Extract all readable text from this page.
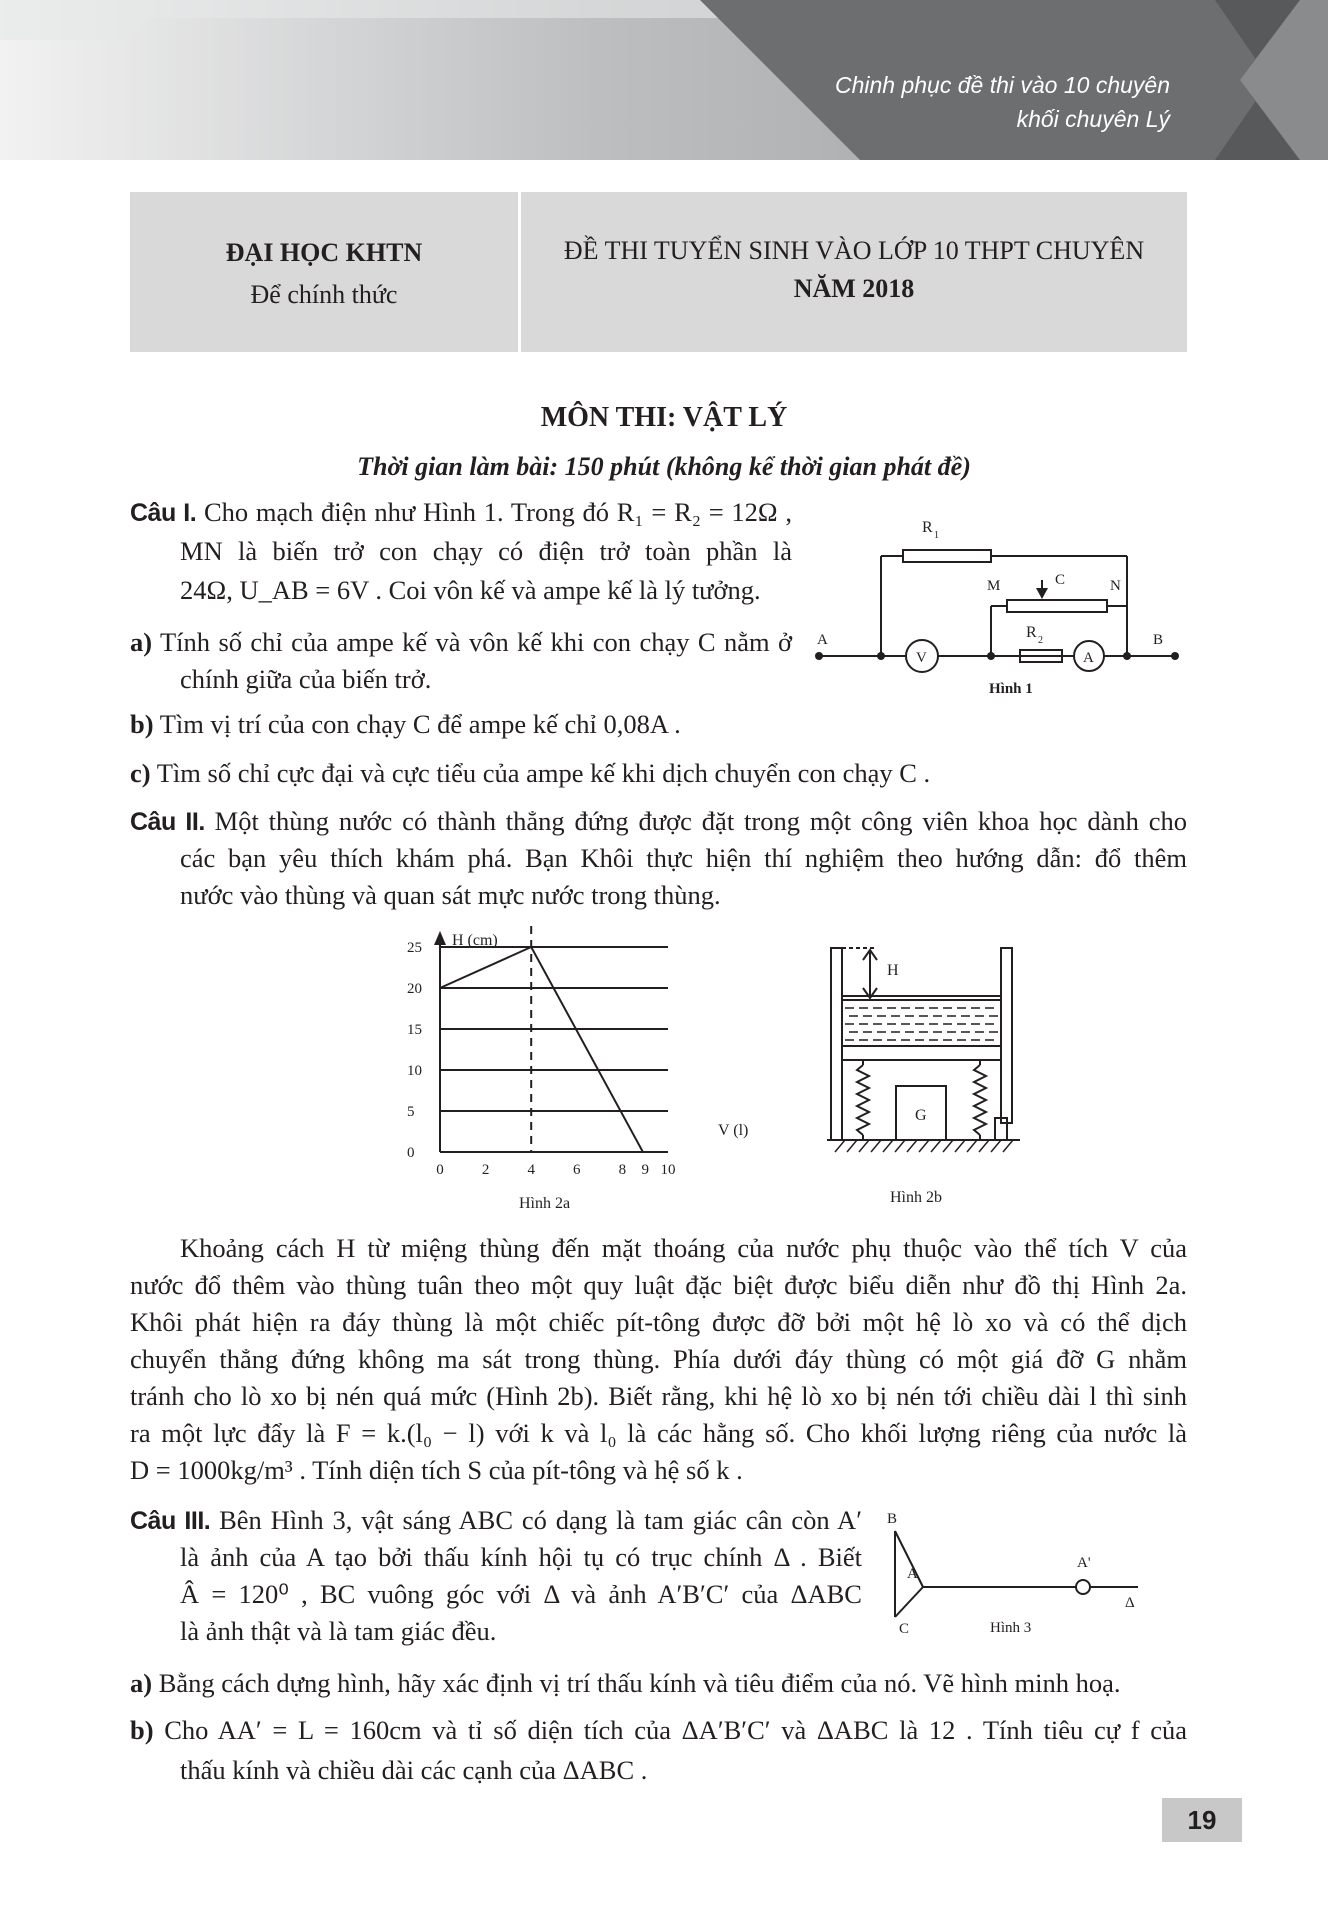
Chinh phục đề thi vào 10 chuyên
khối chuyên Lý
ĐẠI HỌC KHTN
Để chính thức
ĐỀ THI TUYỂN SINH VÀO LỚP 10 THPT CHUYÊN
NĂM 2018
MÔN THI: VẬT LÝ
Thời gian làm bài: 150 phút (không kể thời gian phát đề)
Câu I. Cho mạch điện như Hình 1. Trong đó R₁ = R₂ = 12Ω ,
MN là biến trở con chạy có điện trở toàn phần là
24Ω, U_AB = 6V . Coi vôn kế và ampe kế là lý tưởng.
a) Tính số chỉ của ampe kế và vôn kế khi con chạy C nằm ở
chính giữa của biến trở.
b) Tìm vị trí của con chạy C để ampe kế chỉ 0,08A .
c) Tìm số chỉ cực đại và cực tiểu của ampe kế khi dịch chuyển con chạy C .
R 1
M	C	N
R 2
A	B
V	A
Hình 1
Câu II. Một thùng nước có thành thẳng đứng được đặt trong một công viên khoa học dành cho
các bạn yêu thích khám phá. Bạn Khôi thực hiện thí nghiệm theo hướng dẫn: đổ thêm
nước vào thùng và quan sát mực nước trong thùng.
0
5
10
15
20
25
0	2	4	6	8 9 10
H (cm)
V (l)
Hình 2a
H
G
Hình 2b
Khoảng cách H từ miệng thùng đến mặt thoáng của nước phụ thuộc vào thể tích V của
nước đổ thêm vào thùng tuân theo một quy luật đặc biệt được biểu diễn như đồ thị Hình 2a.
Khôi phát hiện ra đáy thùng là một chiếc pít-tông được đỡ bởi một hệ lò xo và có thể dịch
chuyển thẳng đứng không ma sát trong thùng. Phía dưới đáy thùng có một giá đỡ G nhằm
tránh cho lò xo bị nén quá mức (Hình 2b). Biết rằng, khi hệ lò xo bị nén tới chiều dài l thì sinh
ra một lực đẩy là F = k.(l₀ − l) với k và l₀ là các hằng số. Cho khối lượng riêng của nước là
D = 1000kg/m³ . Tính diện tích S của pít-tông và hệ số k .
Câu III. Bên Hình 3, vật sáng ABC có dạng là tam giác cân còn A′
là ảnh của A tạo bởi thấu kính hội tụ có trục chính Δ . Biết
Â = 120⁰ , BC vuông góc với Δ và ảnh A′B′C′ của ΔABC
là ảnh thật và là tam giác đều.
B
A
C
A'
Δ
Hình 3
a) Bằng cách dựng hình, hãy xác định vị trí thấu kính và tiêu điểm của nó. Vẽ hình minh hoạ.
b) Cho AA′ = L = 160cm và tỉ số diện tích của ΔA′B′C′ và ΔABC là 12 . Tính tiêu cự f của
thấu kính và chiều dài các cạnh của ΔABC .
19
